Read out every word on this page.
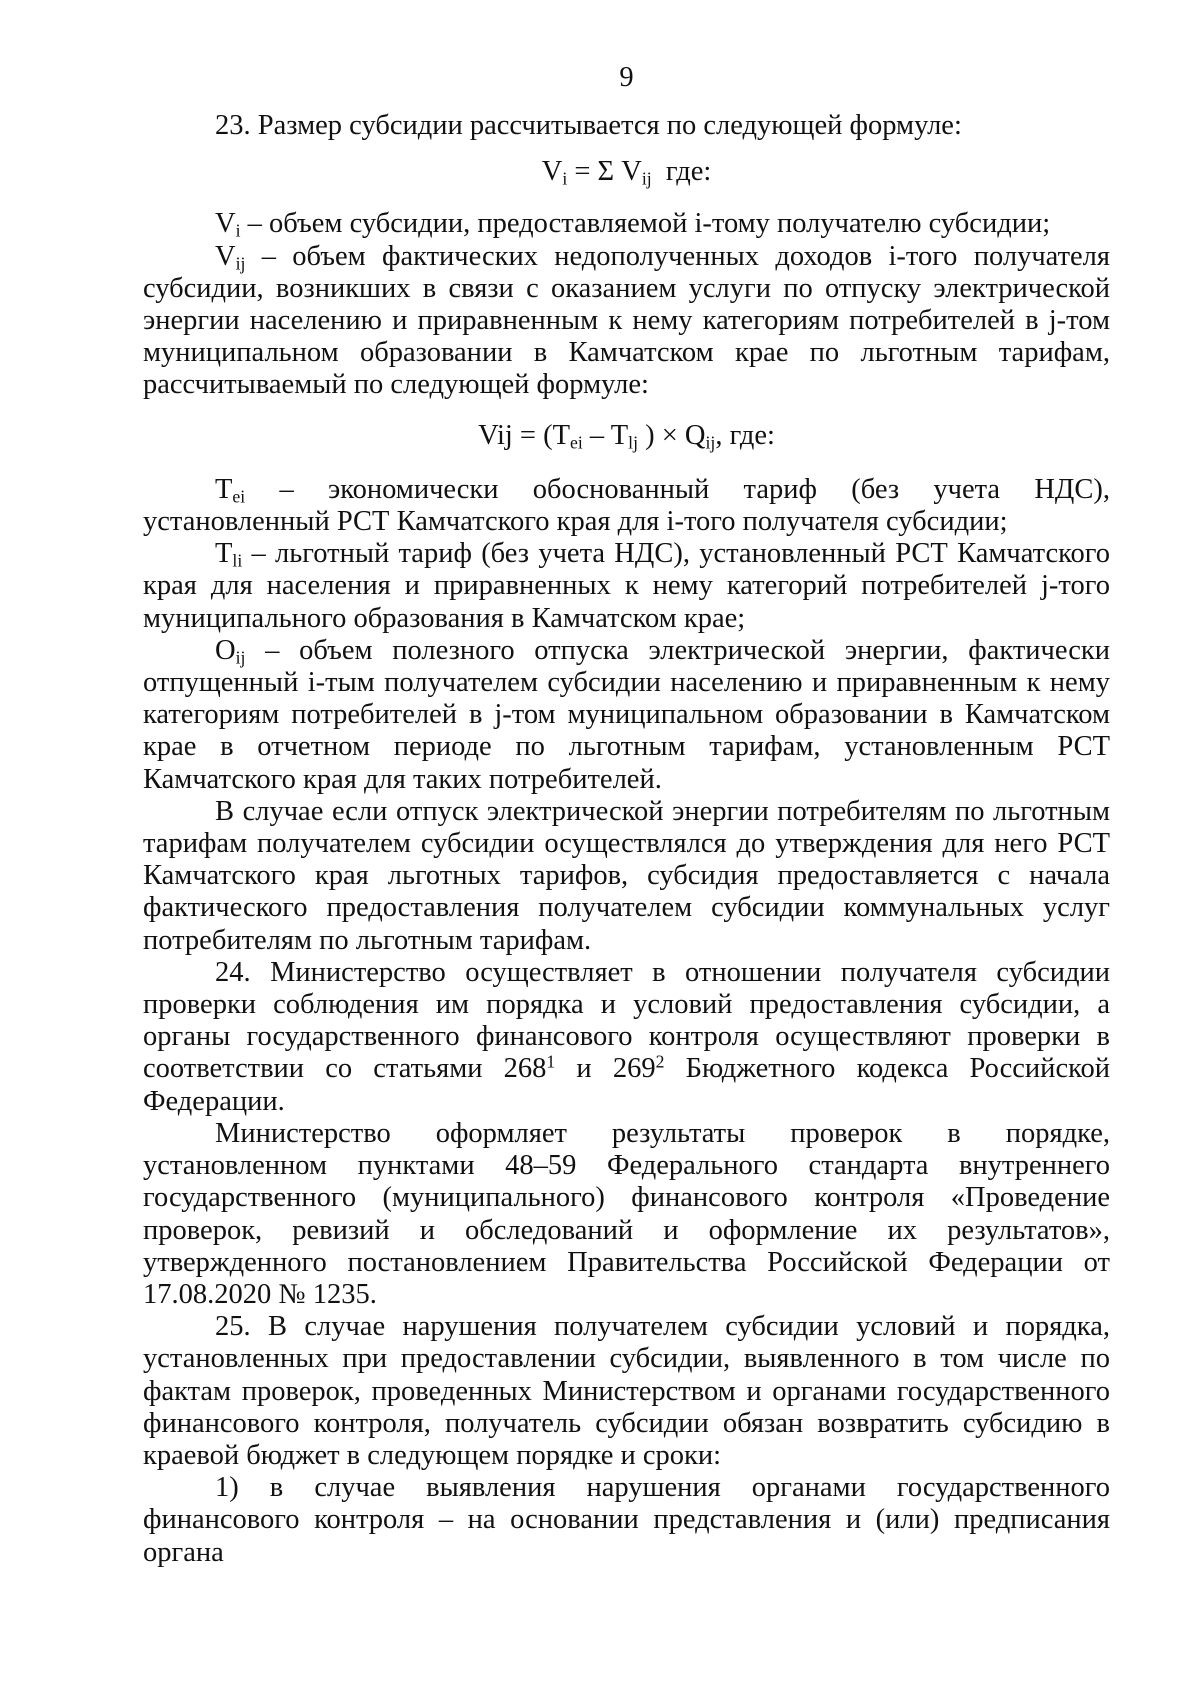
9

23. Размер субсидии рассчитывается по следующей формуле:

$V_i = \Sigma$ $V_{ij}$  где:

$V_i$ – объем субсидии, предоставляемой i-тому получателю субсидии;

$V_{ij}$ – объем фактических недополученных доходов i-того получателя субсидии, возникших в связи с оказанием услуги по отпуску электрической энергии населению и приравненным к нему категориям потребителей в j-том муниципальном образовании в Камчатском крае по льготным тарифам, рассчитываемый по следующей формуле:

Vij = ($T_{ei} - T_{lj}$ ) × $Q_{ij}$, где:

$T_{ei}$ – экономически обоснованный тариф (без учета НДС), установленный РСТ Камчатского края для i-того получателя субсидии;

$T_{li}$ – льготный тариф (без учета НДС), установленный РСТ Камчатского края для населения и приравненных к нему категорий потребителей j-того муниципального образования в Камчатском крае;

$O_{ij}$ – объем полезного отпуска электрической энергии, фактически отпущенный i-тым получателем субсидии населению и приравненным к нему категориям потребителей в j-том муниципальном образовании в Камчатском крае в отчетном периоде по льготным тарифам, установленным РСТ Камчатского края для таких потребителей.

В случае если отпуск электрической энергии потребителям по льготным тарифам получателем субсидии осуществлялся до утверждения для него РСТ Камчатского края льготных тарифов, субсидия предоставляется с начала фактического предоставления получателем субсидии коммунальных услуг потребителям по льготным тарифам.

24. Министерство осуществляет в отношении получателя субсидии проверки соблюдения им порядка и условий предоставления субсидии, а органы государственного финансового контроля осуществляют проверки в соответствии со статьями $268^1$ и $269^2$ Бюджетного кодекса Российской Федерации.

Министерство оформляет результаты проверок в порядке, установленном пунктами 48–59 Федерального стандарта внутреннего государственного (муниципального) финансового контроля «Проведение проверок, ревизий и обследований и оформление их результатов», утвержденного постановлением Правительства Российской Федерации от 17.08.2020 № 1235.

25. В случае нарушения получателем субсидии условий и порядка, установленных при предоставлении субсидии, выявленного в том числе по фактам проверок, проведенных Министерством и органами государственного финансового контроля, получатель субсидии обязан возвратить субсидию в краевой бюджет в следующем порядке и сроки:

1) в случае выявления нарушения органами государственного финансового контроля – на основании представления и (или) предписания органа
